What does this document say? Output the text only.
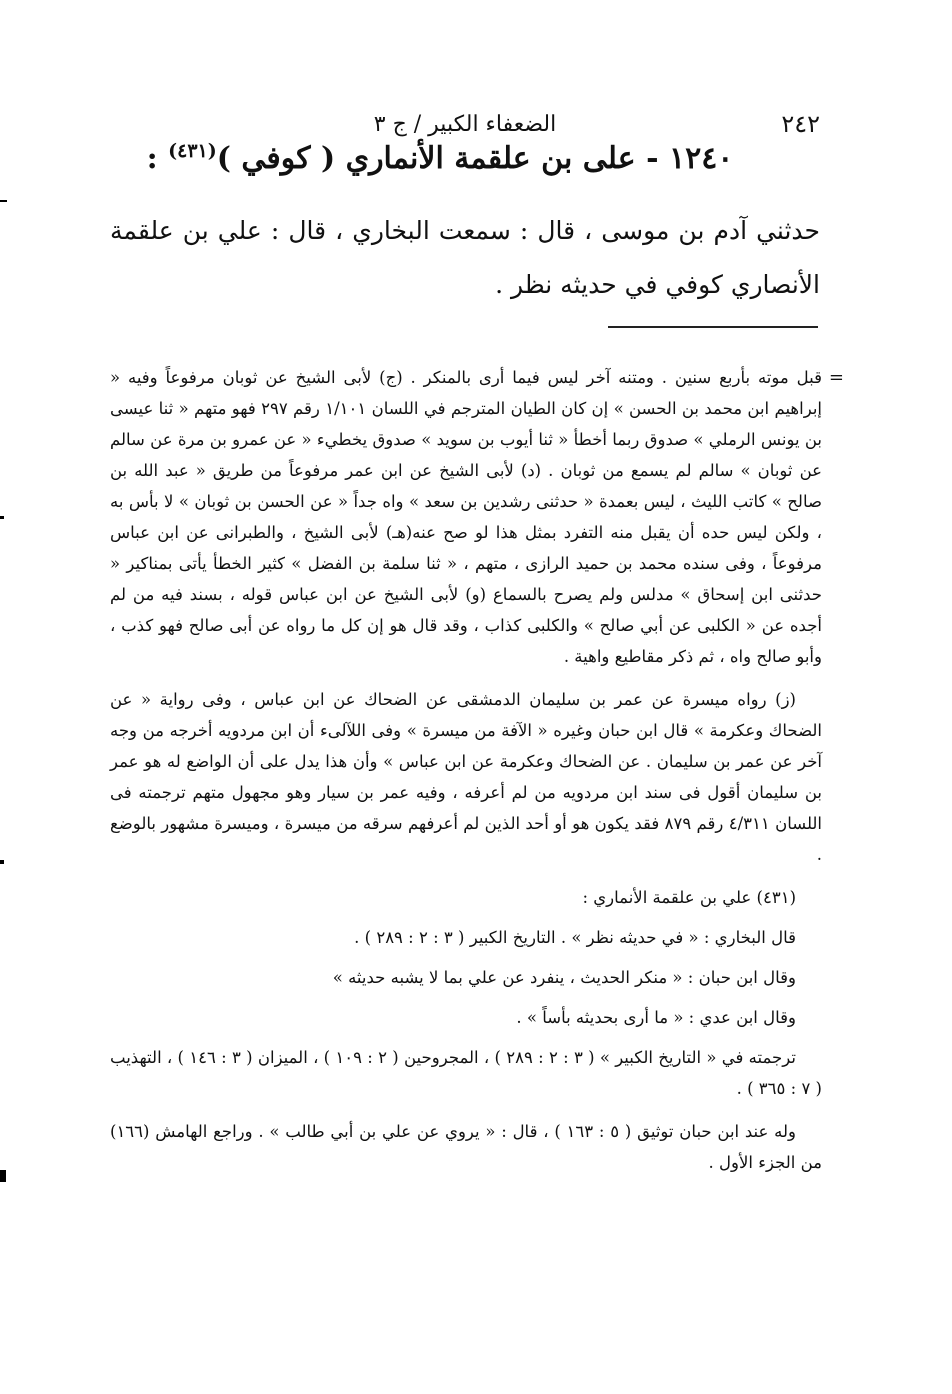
٢٤٢
الضعفاء الكبير / ج ٣
١٢٤٠ - على بن علقمة الأنماري ( كوفي )$^{(٤٣١)}$ :

حدثني آدم بن موسى ، قال : سمعت البخاري ، قال : علي بن علقمة الأنصاري كوفي في حديثه نظر .

=
قبل موته بأربع سنين . ومتنه آخر ليس فيما أرى بالمنكر . (ج) لأبى الشيخ عن ثوبان مرفوعاً وفيه « إبراهيم ابن محمد بن الحسن » إن كان الطيان المترجم في اللسان ١/١٠١ رقم ٢٩٧ فهو متهم « ثنا عيسى بن يونس الرملي » صدوق ربما أخطأ « ثنا أيوب بن سويد » صدوق يخطيء « عن عمرو بن مرة عن سالم عن ثوبان » سالم لم يسمع من ثوبان . (د) لأبى الشيخ عن ابن عمر مرفوعاً من طريق « عبد الله بن صالح » كاتب الليث ، ليس بعمدة « حدثنى رشدين بن سعد » واه جداً « عن الحسن بن ثوبان » لا بأس به ، ولكن ليس حده أن يقبل منه التفرد بمثل هذا لو صح عنه(هـ) لأبى الشيخ ، والطبرانى عن ابن عباس مرفوعاً ، وفى سنده محمد بن حميد الرازى ، متهم ، « ثنا سلمة بن الفضل » كثير الخطأ يأتى بمناكير « حدثنى ابن إسحاق » مدلس ولم يصرح بالسماع (و) لأبى الشيخ عن ابن عباس قوله ، بسند فيه من لم أجده عن « الكلبى عن أبي صالح » والكلبى كذاب ، وقد قال هو إن كل ما رواه عن أبى صالح فهو كذب ، وأبو صالح واه ، ثم ذكر مقاطيع واهية .

(ز) رواه ميسرة عن عمر بن سليمان الدمشقى عن الضحاك عن ابن عباس ، وفى رواية « عن الضحاك وعكرمة » قال ابن حبان وغيره « الآفة من ميسرة » وفى اللآلىء أن ابن مردويه أخرجه من وجه آخر عن عمر بن سليمان . عن الضحاك وعكرمة عن ابن عباس » وأن هذا يدل على أن الواضع له هو عمر بن سليمان أقول فى سند ابن مردويه من لم أعرفه ، وفيه عمر بن سيار وهو مجهول متهم ترجمته فى اللسان ٤/٣١١ رقم ٨٧٩ فقد يكون هو أو أحد الذين لم أعرفهم سرقه من ميسرة ، وميسرة مشهور بالوضع .

(٤٣١) علي بن علقمة الأنماري :

قال البخاري : « في حديثه نظر » . التاريخ الكبير ( ٣ : ٢ : ٢٨٩ ) .

وقال ابن حبان : « منكر الحديث ، ينفرد عن علي بما لا يشبه حديثه »

وقال ابن عدي : « ما أرى بحديثه بأساً » .

ترجمته في « التاريخ الكبير » ( ٣ : ٢ : ٢٨٩ ) ، المجروحين ( ٢ : ١٠٩ ) ، الميزان ( ٣ : ١٤٦ ) ، التهذيب ( ٧ : ٣٦٥ ) .

وله عند ابن حبان توثيق ( ٥ : ١٦٣ ) ، قال : « يروي عن علي بن أبي طالب » . وراجع الهامش (١٦٦) من الجزء الأول .
